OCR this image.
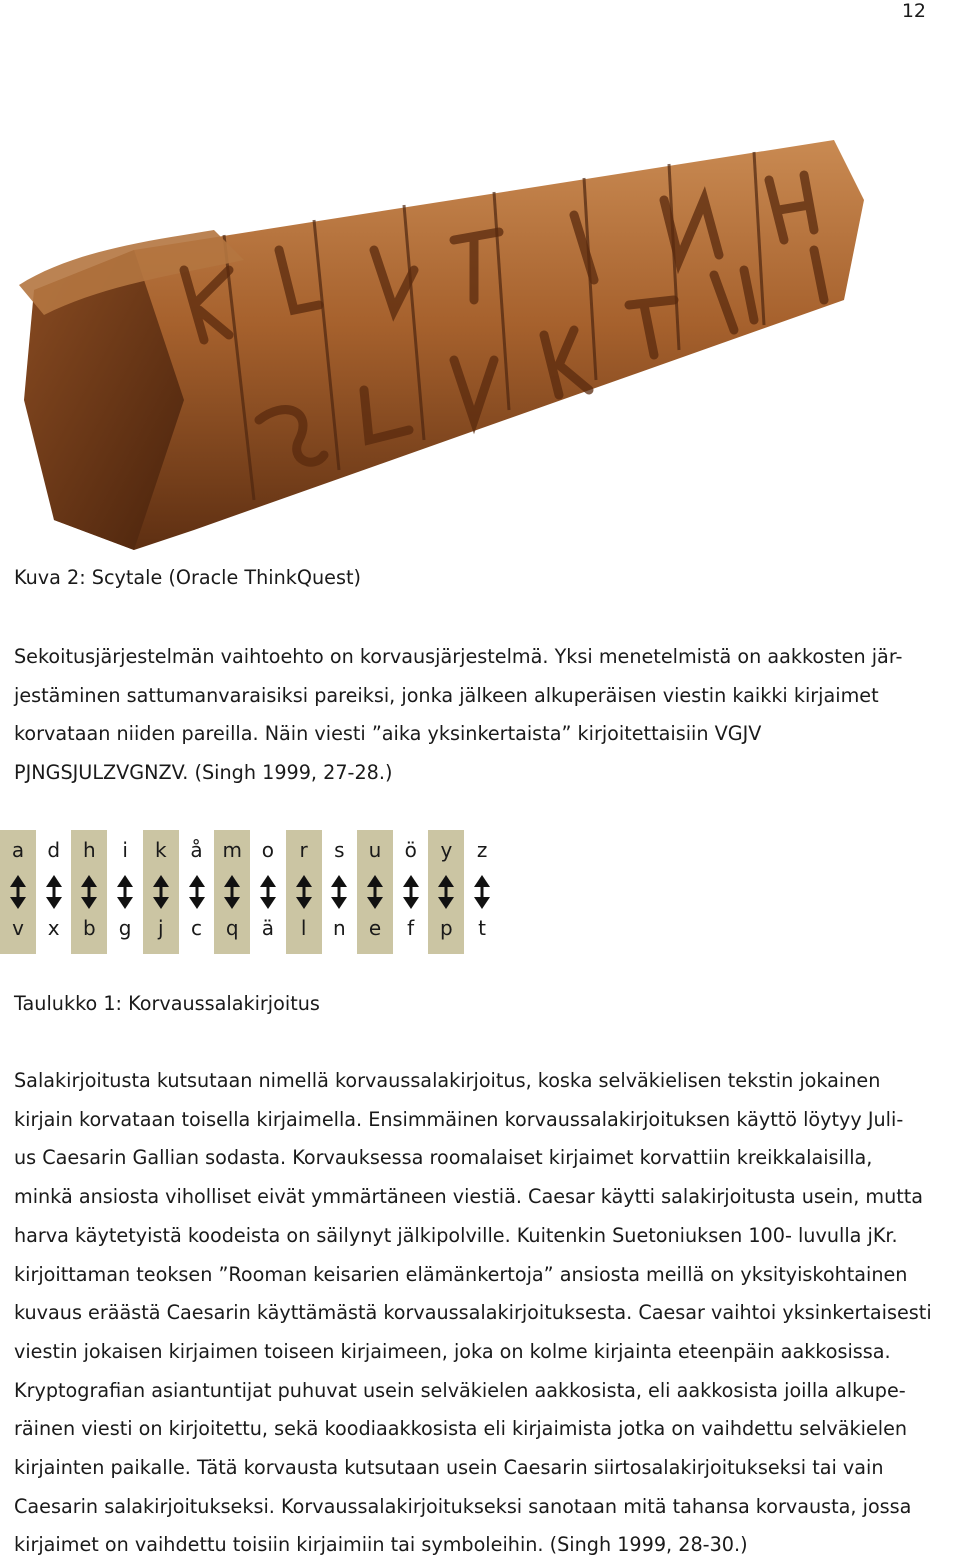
12

Kuva 2: Scytale (Oracle ThinkQuest)

Sekoitusjärjestelmän vaihtoehto on korvausjärjestelmä. Yksi menetelmistä on aakkosten jär-
jestäminen sattumanvaraisiksi pareiksi, jonka jälkeen alkuperäisen viestin kaikki kirjaimet
korvataan niiden pareilla. Näin viesti ”aika yksinkertaista” kirjoitettaisiin VGJV
PJNGSJULZVGNZV. (Singh 1999, 27-28.)
a
v
d
x
h
b
i
g
k
j
å
c
m
q
o
ä
r
l
s
n
u
e
ö
f
y
p
z
t

Taulukko 1: Korvaussalakirjoitus

Salakirjoitusta kutsutaan nimellä korvaussalakirjoitus, koska selväkielisen tekstin jokainen
kirjain korvataan toisella kirjaimella. Ensimmäinen korvaussalakirjoituksen käyttö löytyy Juli-
us Caesarin Gallian sodasta. Korvauksessa roomalaiset kirjaimet korvattiin kreikkalaisilla,
minkä ansiosta viholliset eivät ymmärtäneen viestiä. Caesar käytti salakirjoitusta usein, mutta
harva käytetyistä koodeista on säilynyt jälkipolville. Kuitenkin Suetoniuksen 100- luvulla jKr.
kirjoittaman teoksen ”Rooman keisarien elämänkertoja” ansiosta meillä on yksityiskohtainen
kuvaus eräästä Caesarin käyttämästä korvaussalakirjoituksesta. Caesar vaihtoi yksinkertaisesti
viestin jokaisen kirjaimen toiseen kirjaimeen, joka on kolme kirjainta eteenpäin aakkosissa.
Kryptografian asiantuntijat puhuvat usein selväkielen aakkosista, eli aakkosista joilla alkupe-
räinen viesti on kirjoitettu, sekä koodiaakkosista eli kirjaimista jotka on vaihdettu selväkielen
kirjainten paikalle. Tätä korvausta kutsutaan usein Caesarin siirtosalakirjoitukseksi tai vain
Caesarin salakirjoitukseksi. Korvaussalakirjoitukseksi sanotaan mitä tahansa korvausta, jossa
kirjaimet on vaihdettu toisiin kirjaimiin tai symboleihin. (Singh 1999, 28-30.)
